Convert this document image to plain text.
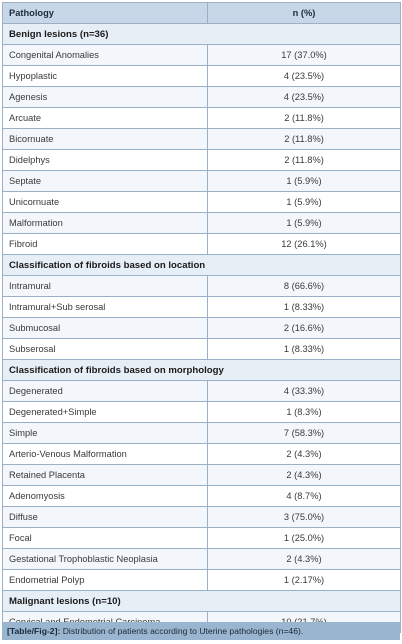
Pathology	n (%)
Benign lesions (n=36)	
Congenital Anomalies	17 (37.0%)
Hypoplastic	4 (23.5%)
Agenesis	4 (23.5%)
Arcuate	2 (11.8%)
Bicornuate	2 (11.8%)
Didelphys	2 (11.8%)
Septate	1 (5.9%)
Unicornuate	1 (5.9%)
Malformation	1 (5.9%)
Fibroid	12 (26.1%)
Classification of fibroids based on location	
Intramural	8 (66.6%)
Intramural+Sub serosal	1 (8.33%)
Submucosal	2 (16.6%)
Subserosal	1 (8.33%)
Classification of fibroids based on morphology	
Degenerated	4 (33.3%)
Degenerated+Simple	1 (8.3%)
Simple	7 (58.3%)
Arterio-Venous Malformation	2 (4.3%)
Retained Placenta	2 (4.3%)
Adenomyosis	4 (8.7%)
Diffuse	3 (75.0%)
Focal	1 (25.0%)
Gestational Trophoblastic Neoplasia	2 (4.3%)
Endometrial Polyp	1 (2.17%)
Malignant lesions (n=10)	

[Table/Fig-2]: Distribution of patients according to Uterine pathologies (n=46).
